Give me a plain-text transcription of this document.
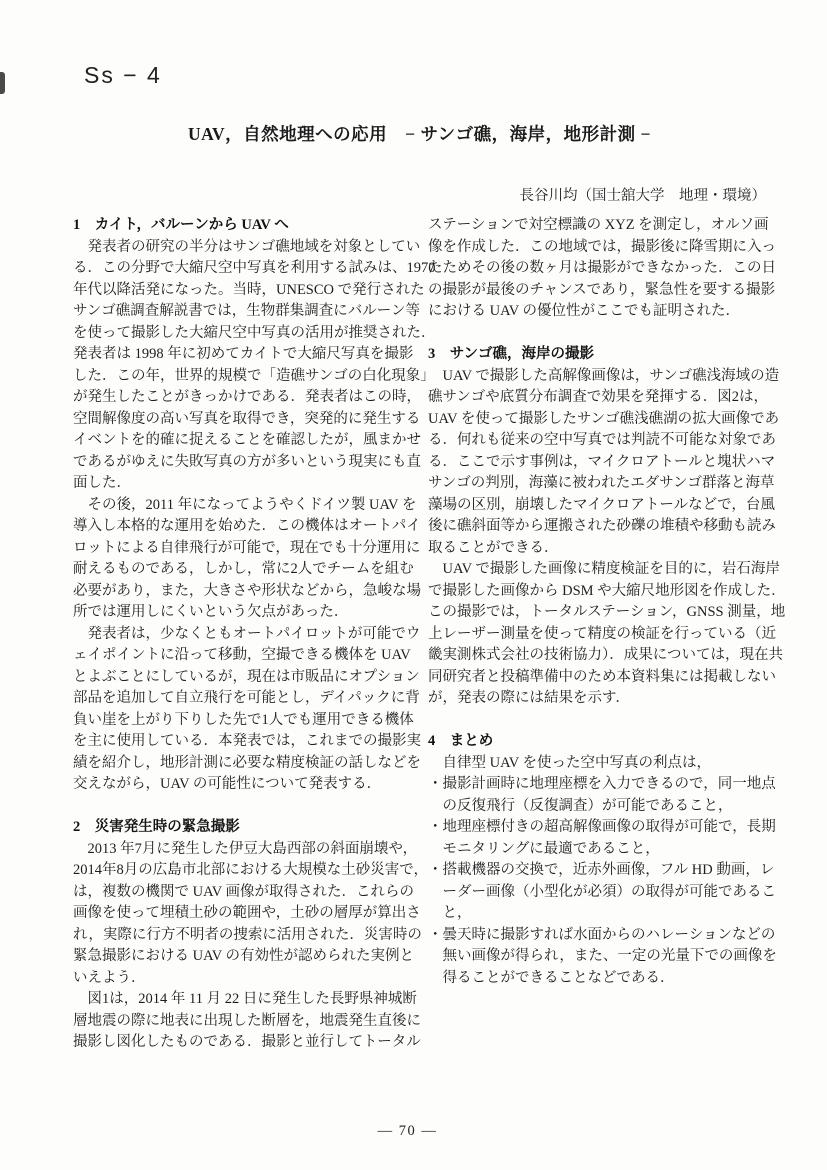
Ss − 4
UAV，自然地理への応用　− サンゴ礁，海岸，地形計測 −
長谷川均（国士舘大学　地理・環境）
1　カイト，バルーンから UAV へ
発表者の研究の半分はサンゴ礁地域を対象としてい
る．この分野で大縮尺空中写真を利用する試みは、1970
年代以降活発になった。当時，UNESCO で発行された
サンゴ礁調査解説書では，生物群集調査にバルーン等
を使って撮影した大縮尺空中写真の活用が推奨された．
発表者は 1998 年に初めてカイトで大縮尺写真を撮影
した．この年，世界的規模で「造礁サンゴの白化現象」
が発生したことがきっかけである．発表者はこの時，
空間解像度の高い写真を取得でき，突発的に発生する
イベントを的確に捉えることを確認したが，風まかせ
であるがゆえに失敗写真の方が多いという現実にも直
面した．
その後，2011 年になってようやくドイツ製 UAV を
導入し本格的な運用を始めた．この機体はオートパイ
ロットによる自律飛行が可能で，現在でも十分運用に
耐えるものである，しかし，常に2人でチームを組む
必要があり，また，大きさや形状などから，急峻な場
所では運用しにくいという欠点があった．
発表者は，少なくともオートパイロットが可能でウ
ェイポイントに沿って移動，空撮できる機体を UAV
とよぶことにしているが，現在は市販品にオプション
部品を追加して自立飛行を可能とし，デイパックに背
負い崖を上がり下りした先で1人でも運用できる機体
を主に使用している．本発表では，これまでの撮影実
績を紹介し，地形計測に必要な精度検証の話しなどを
交えながら，UAV の可能性について発表する．
2　災害発生時の緊急撮影
2013 年7月に発生した伊豆大島西部の斜面崩壊や，
2014年8月の広島市北部における大規模な土砂災害で，
は，複数の機関で UAV 画像が取得された．これらの
画像を使って埋積土砂の範囲や，土砂の層厚が算出さ
れ，実際に行方不明者の捜索に活用された．災害時の
緊急撮影における UAV の有効性が認められた実例と
いえよう．
図1は，2014 年 11 月 22 日に発生した長野県神城断
層地震の際に地表に出現した断層を，地震発生直後に
撮影し図化したものである．撮影と並行してトータル
ステーションで対空標識の XYZ を測定し，オルソ画
像を作成した．この地域では，撮影後に降雪期に入っ
たためその後の数ヶ月は撮影ができなかった．この日
の撮影が最後のチャンスであり，緊急性を要する撮影
における UAV の優位性がここでも証明された．
3　サンゴ礁，海岸の撮影
UAV で撮影した高解像画像は，サンゴ礁浅海域の造
礁サンゴや底質分布調査で効果を発揮する．図2は，
UAV を使って撮影したサンゴ礁浅礁湖の拡大画像であ
る．何れも従来の空中写真では判読不可能な対象であ
る．ここで示す事例は，マイクロアトールと塊状ハマ
サンゴの判別，海藻に被われたエダサンゴ群落と海草
藻場の区別，崩壊したマイクロアトールなどで，台風
後に礁斜面等から運搬された砂礫の堆積や移動も読み
取ることができる．
UAV で撮影した画像に精度検証を目的に，岩石海岸
で撮影した画像から DSM や大縮尺地形図を作成した．
この撮影では，トータルステーション，GNSS 測量，地
上レーザー測量を使って精度の検証を行っている（近
畿実測株式会社の技術協力）．成果については，現在共
同研究者と投稿準備中のため本資料集には掲載しない
が，発表の際には結果を示す．
4　まとめ
自律型 UAV を使った空中写真の利点は，
・撮影計画時に地理座標を入力できるので，同一地点
の反復飛行（反復調査）が可能であること，
・地理座標付きの超高解像画像の取得が可能で，長期
モニタリングに最適であること，
・搭載機器の交換で，近赤外画像，フル HD 動画，レ
ーダー画像（小型化が必須）の取得が可能であるこ
と，
・曇天時に撮影すれば水面からのハレーションなどの
無い画像が得られ，また、一定の光量下での画像を
得ることができることなどである．
— 70 —
